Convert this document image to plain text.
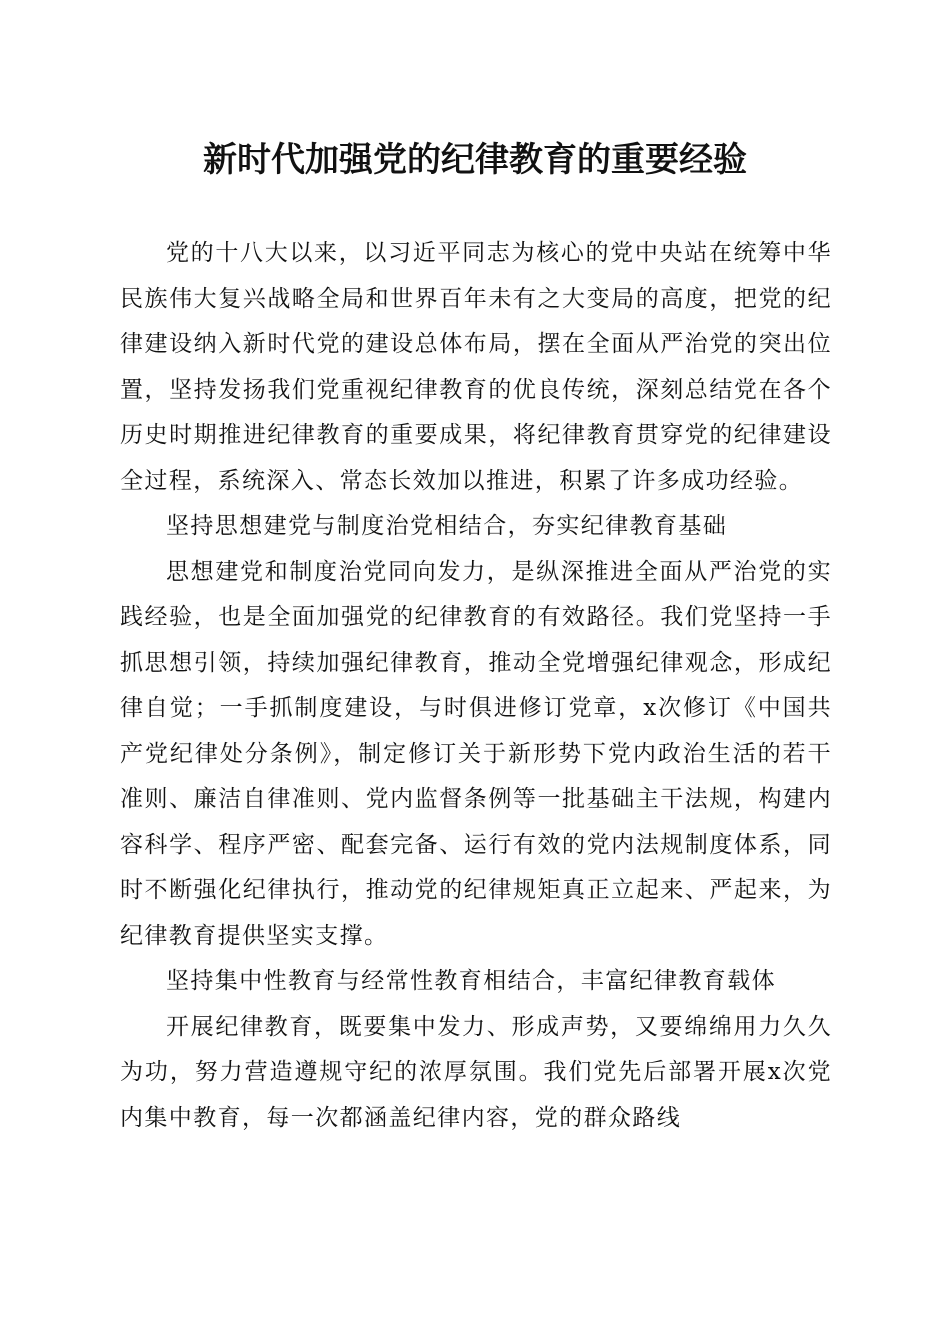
新时代加强党的纪律教育的重要经验

党的十八大以来，以习近平同志为核心的党中央站在统筹中华民族伟大复兴战略全局和世界百年未有之大变局的高度，把党的纪律建设纳入新时代党的建设总体布局，摆在全面从严治党的突出位置，坚持发扬我们党重视纪律教育的优良传统，深刻总结党在各个历史时期推进纪律教育的重要成果，将纪律教育贯穿党的纪律建设全过程，系统深入、常态长效加以推进，积累了许多成功经验。

坚持思想建党与制度治党相结合，夯实纪律教育基础

思想建党和制度治党同向发力，是纵深推进全面从严治党的实践经验，也是全面加强党的纪律教育的有效路径。我们党坚持一手抓思想引领，持续加强纪律教育，推动全党增强纪律观念，形成纪律自觉；一手抓制度建设，与时俱进修订党章，x次修订《中国共产党纪律处分条例》，制定修订关于新形势下党内政治生活的若干准则、廉洁自律准则、党内监督条例等一批基础主干法规，构建内容科学、程序严密、配套完备、运行有效的党内法规制度体系，同时不断强化纪律执行，推动党的纪律规矩真正立起来、严起来，为纪律教育提供坚实支撑。

坚持集中性教育与经常性教育相结合，丰富纪律教育载体

开展纪律教育，既要集中发力、形成声势，又要绵绵用力久久为功，努力营造遵规守纪的浓厚氛围。我们党先后部署开展x次党内集中教育，每一次都涵盖纪律内容，党的群众路线
